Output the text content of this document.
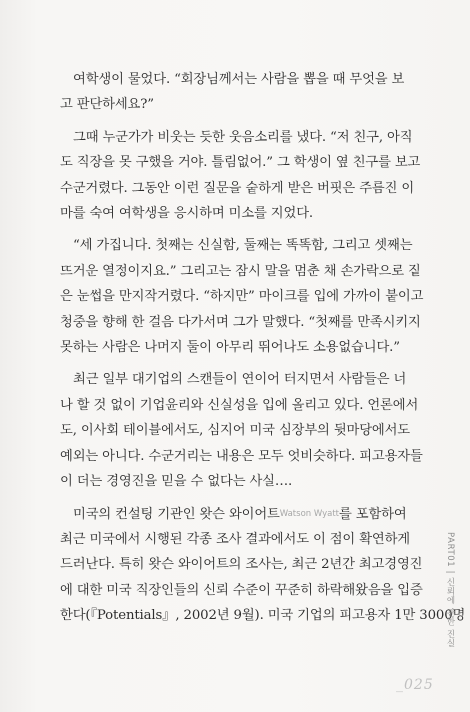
여학생이 물었다. “회장님께서는 사람을 뽑을 때 무엇을 보
고 판단하세요?”

그때 누군가가 비웃는 듯한 웃음소리를 냈다. “저 친구, 아직
도 직장을 못 구했을 거야. 틀림없어.” 그 학생이 옆 친구를 보고
수군거렸다. 그동안 이런 질문을 숱하게 받은 버핏은 주름진 이
마를 숙여 여학생을 응시하며 미소를 지었다.

“세 가집니다. 첫째는 신실함, 둘째는 똑똑함, 그리고 셋째는
뜨거운 열정이지요.” 그리고는 잠시 말을 멈춘 채 손가락으로 짙
은 눈썹을 만지작거렸다. “하지만” 마이크를 입에 가까이 붙이고
청중을 향해 한 걸음 다가서며 그가 말했다. “첫째를 만족시키지
못하는 사람은 나머지 둘이 아무리 뛰어나도 소용없습니다.”

최근 일부 대기업의 스캔들이 연이어 터지면서 사람들은 너
나 할 것 없이 기업윤리와 신실성을 입에 올리고 있다. 언론에서
도, 이사회 테이블에서도, 심지어 미국 심장부의 뒷마당에서도
예외는 아니다. 수군거리는 내용은 모두 엇비슷하다. 피고용자들
이 더는 경영진을 믿을 수 없다는 사실….

미국의 컨설팅 기관인 왓슨 와이어트Watson Wyatt를 포함하여
최근 미국에서 시행된 각종 조사 결과에서도 이 점이 확연하게
드러난다. 특히 왓슨 와이어트의 조사는, 최근 2년간 최고경영진
에 대한 미국 직장인들의 신뢰 수준이 꾸준히 하락해왔음을 입증
한다(『Potentials』, 2002년 9월). 미국 기업의 피고용자 1만 3000명

PART01 | 신뢰에 관한 진실
_025
